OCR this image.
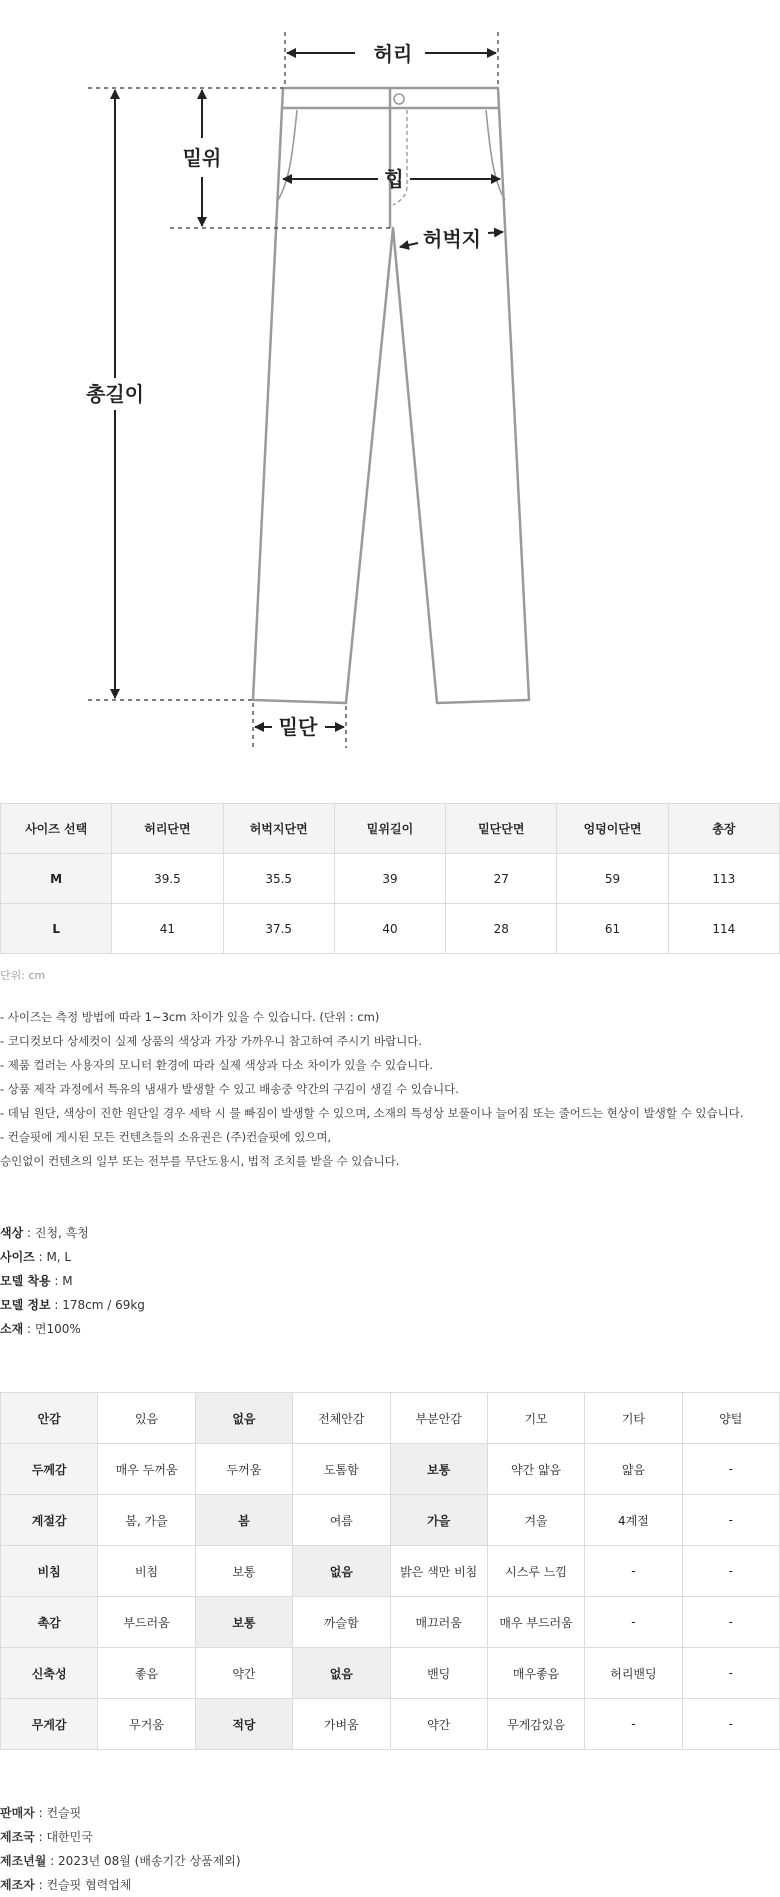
허리
밑위
힙
허벅지
총길이
밑단
사이즈 선택	허리단면	허벅지단면	밑위길이	밑단단면	엉덩이단면	총장
M	39.5	35.5	39	27	59	113
L	41	37.5	40	28	61	114
단위: cm
- 사이즈는 측정 방법에 따라 1~3cm 차이가 있을 수 있습니다. (단위 : cm)
- 코디컷보다 상세컷이 실제 상품의 색상과 가장 가까우니 참고하여 주시기 바랍니다.
- 제품 컬러는 사용자의 모니터 환경에 따라 실제 색상과 다소 차이가 있을 수 있습니다.
- 상품 제작 과정에서 특유의 냄새가 발생할 수 있고 배송중 약간의 구김이 생길 수 있습니다.
- 데님 원단, 색상이 진한 원단일 경우 세탁 시 물 빠짐이 발생할 수 있으며, 소재의 특성상 보풀이나 늘어짐 또는 줄어드는 현상이 발생할 수 있습니다.
- 컨슬핏에 게시된 모든 컨텐츠들의 소유권은 (주)컨슬핏에 있으며,
승인없이 컨텐츠의 일부 또는 전부를 무단도용시, 법적 조치를 받을 수 있습니다.
색상 : 진청, 흑청
사이즈 : M, L
모델 착용 : M
모델 정보 : 178cm / 69kg
소재 : 면100%
안감	있음	없음	전체안감	부분안감	기모	기타	양털
두께감	매우 두꺼움	두꺼움	도톰함	보통	약간 얇음	얇음	-
계절감	봄, 가을	봄	여름	가을	겨울	4계절	-
비침	비침	보통	없음	밝은 색만 비침	시스루 느낌	-	-
촉감	부드러움	보통	까슬함	매끄러움	매우 부드러움	-	-
신축성	좋음	약간	없음	밴딩	매우좋음	허리밴딩	-
무게감	무거움	적당	가벼움	약간	무게감있음	-	-
판매자 : 컨슬핏
제조국 : 대한민국
제조년월 : 2023년 08월 (배송기간 상품제외)
제조자 : 컨슬핏 협력업체
